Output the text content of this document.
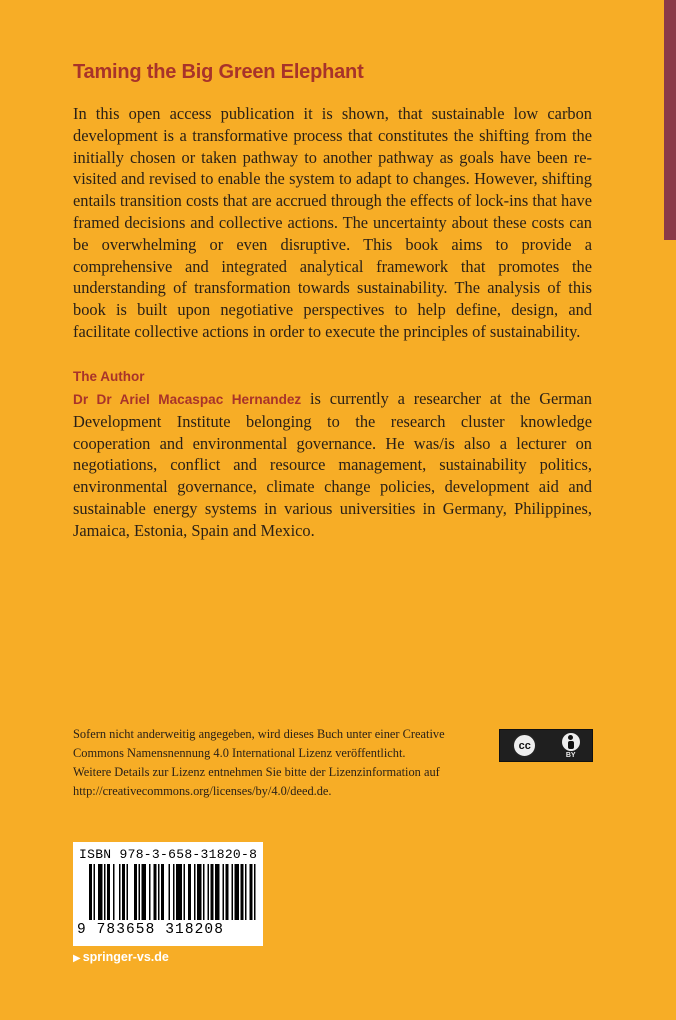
Taming the Big Green Elephant

In this open access publication it is shown, that sustainable low carbon development is a transformative process that constitutes the shifting from the initially chosen or taken pathway to another pathway as goals have been re-visited and revised to enable the system to adapt to changes. However, shifting entails transition costs that are accrued through the effects of lock-ins that have framed decisions and collective actions. The uncertainty about these costs can be overwhelming or even disruptive. This book aims to provide a comprehensive and integrated analytical framework that promotes the understanding of transformation towards sustainability. The analysis of this book is built upon negotiative perspectives to help define, design, and facilitate collective actions in order to execute the principles of sustainability.

The Author

Dr Dr Ariel Macaspac Hernandez is currently a researcher at the German Development Institute belonging to the research cluster knowledge cooperation and environmental governance. He was/is also a lecturer on negotiations, conflict and resource management, sustainability politics, environmental governance, climate change policies, development aid and sustainable energy systems in various universities in Germany, Philippines, Jamaica, Estonia, Spain and Mexico.

Sofern nicht anderweitig angegeben, wird dieses Buch unter einer Creative
Commons Namensnennung 4.0 International Lizenz veröffentlicht.
Weitere Details zur Lizenz entnehmen Sie bitte der Lizenzinformation auf
http://creativecommons.org/licenses/by/4.0/deed.de.
cc
BY
ISBN 978-3-658-31820-8
9 783658 318208
▶ springer-vs.de
